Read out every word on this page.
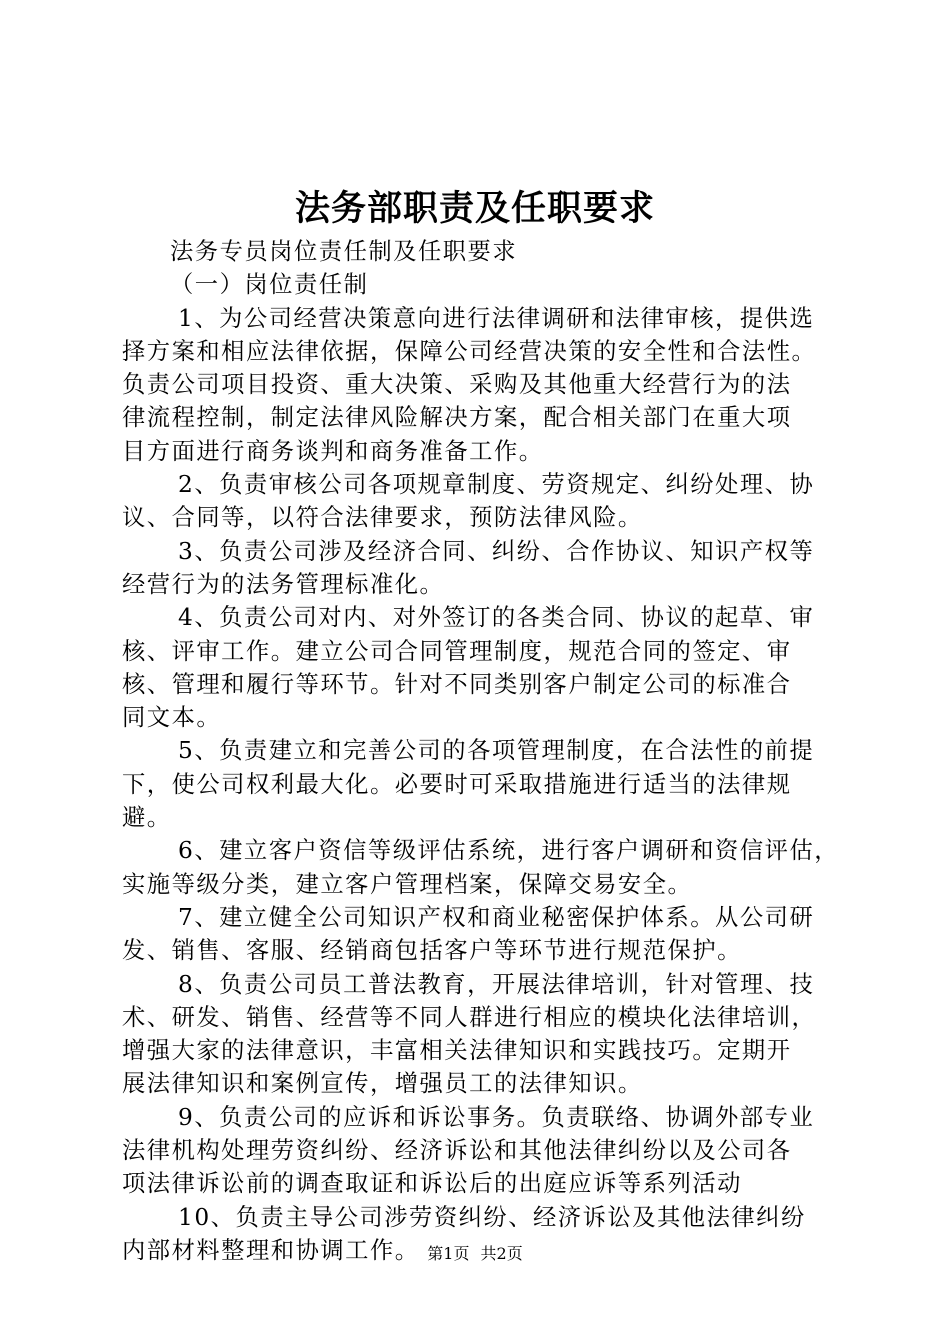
法务部职责及任职要求
法务专员岗位责任制及任职要求
（一）岗位责任制
1、为公司经营决策意向进行法律调研和法律审核，提供选
择方案和相应法律依据，保障公司经营决策的安全性和合法性。
负责公司项目投资、重大决策、采购及其他重大经营行为的法
律流程控制，制定法律风险解决方案，配合相关部门在重大项
目方面进行商务谈判和商务准备工作。
2、负责审核公司各项规章制度、劳资规定、纠纷处理、协
议、合同等，以符合法律要求，预防法律风险。
3、负责公司涉及经济合同、纠纷、合作协议、知识产权等
经营行为的法务管理标准化。
4、负责公司对内、对外签订的各类合同、协议的起草、审
核、评审工作。建立公司合同管理制度，规范合同的签定、审
核、管理和履行等环节。针对不同类别客户制定公司的标准合
同文本。
5、负责建立和完善公司的各项管理制度，在合法性的前提
下，使公司权利最大化。必要时可采取措施进行适当的法律规
避。
6、建立客户资信等级评估系统，进行客户调研和资信评估，
实施等级分类，建立客户管理档案，保障交易安全。
7、建立健全公司知识产权和商业秘密保护体系。从公司研
发、销售、客服、经销商包括客户等环节进行规范保护。
8、负责公司员工普法教育，开展法律培训，针对管理、技
术、研发、销售、经营等不同人群进行相应的模块化法律培训，
增强大家的法律意识，丰富相关法律知识和实践技巧。定期开
展法律知识和案例宣传，增强员工的法律知识。
9、负责公司的应诉和诉讼事务。负责联络、协调外部专业
法律机构处理劳资纠纷、经济诉讼和其他法律纠纷以及公司各
项法律诉讼前的调查取证和诉讼后的出庭应诉等系列活动
10、负责主导公司涉劳资纠纷、经济诉讼及其他法律纠纷
内部材料整理和协调工作。 第1页 共2页
